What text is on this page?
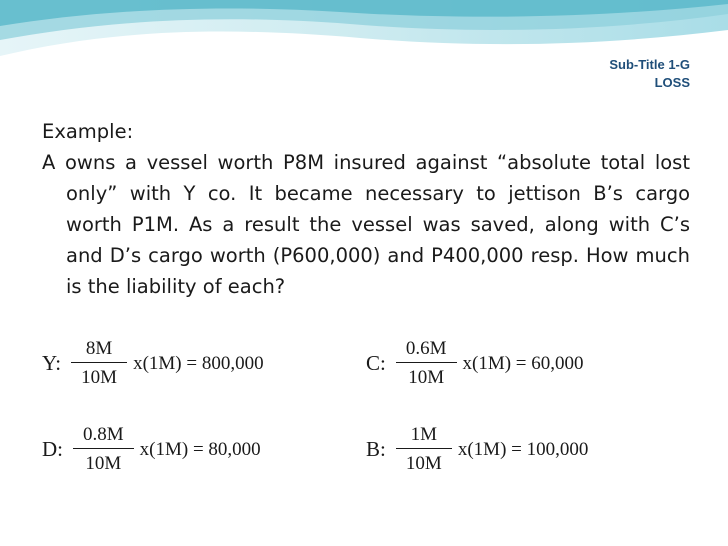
Sub-Title 1-G
LOSS
Example:
A owns a vessel worth P8M insured against “absolute total lost only” with Y co. It became necessary to jettison B’s cargo worth P1M. As a result the vessel was saved, along with C’s and D’s cargo worth (P600,000) and P400,000 resp. How much is the liability of each?
Y: $\frac{8M}{10M} x(1M) = 800,000$	C: $\frac{0.6M}{10M} x(1M) = 60,000$
D: $\frac{0.8M}{10M} x(1M) = 80,000$	B: $\frac{1M}{10M} x(1M) = 100,000$
